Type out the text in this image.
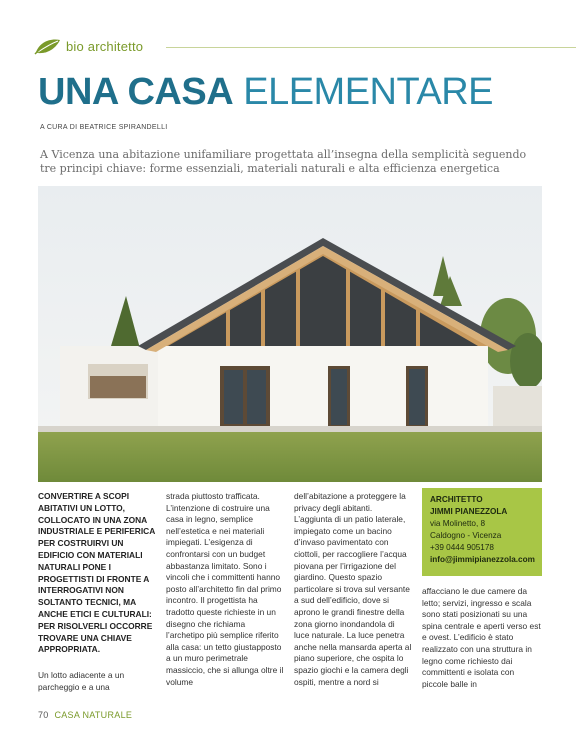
bio architetto
UNA CASA ELEMENTARE
A CURA DI BEATRICE SPIRANDELLI
A Vicenza una abitazione unifamiliare progettata all’insegna della semplicità seguendo
tre principi chiave: forme essenziali, materiali naturali e alta efficienza energetica
CONVERTIRE A SCOPI ABITATIVI UN LOTTO, COLLOCATO IN UNA ZONA INDUSTRIALE E PERIFERICA PER COSTRUIRVI UN EDIFICIO CON MATERIALI NATURALI PONE I PROGETTISTI DI FRONTE A INTERROGATIVI NON SOLTANTO TECNICI, MA ANCHE ETICI E CULTURALI: PER RISOLVERLI OCCORRE TROVARE UNA CHIAVE APPROPRIATA.
Un lotto adiacente a un parcheggio e a una
strada piuttosto trafficata. L’intenzione di costruire una casa in legno, semplice nell’estetica e nei materiali impiegati. L’esigenza di confrontarsi con un budget abbastanza limitato. Sono i vincoli che i committenti hanno posto all’architetto fin dal primo incontro. Il progettista ha tradotto queste richieste in un disegno che richiama l’archetipo più semplice riferito alla casa: un tetto giustapposto a un muro perimetrale massiccio, che si allunga oltre il volume
dell’abitazione a proteggere la privacy degli abitanti. L’aggiunta di un patio laterale, impiegato come un bacino d’invaso pavimentato con ciottoli, per raccogliere l’acqua piovana per l’irrigazione del giardino. Questo spazio particolare si trova sul versante a sud dell’edificio, dove si aprono le grandi finestre della zona giorno inondandola di luce naturale. La luce penetra anche nella mansarda aperta al piano superiore, che ospita lo spazio giochi e la camera degli ospiti, mentre a nord si
ARCHITETTO
JIMMI PIANEZZOLA
via Molinetto, 8
Caldogno - Vicenza
+39 0444 905178
info@jimmipianezzola.com
affacciano le due camere da letto; servizi, ingresso e scala sono stati posizionati su una spina centrale e aperti verso est e ovest. L’edificio è stato realizzato con una struttura in legno come richiesto dai committenti e isolata con piccole balle in
70 CASA NATURALE
